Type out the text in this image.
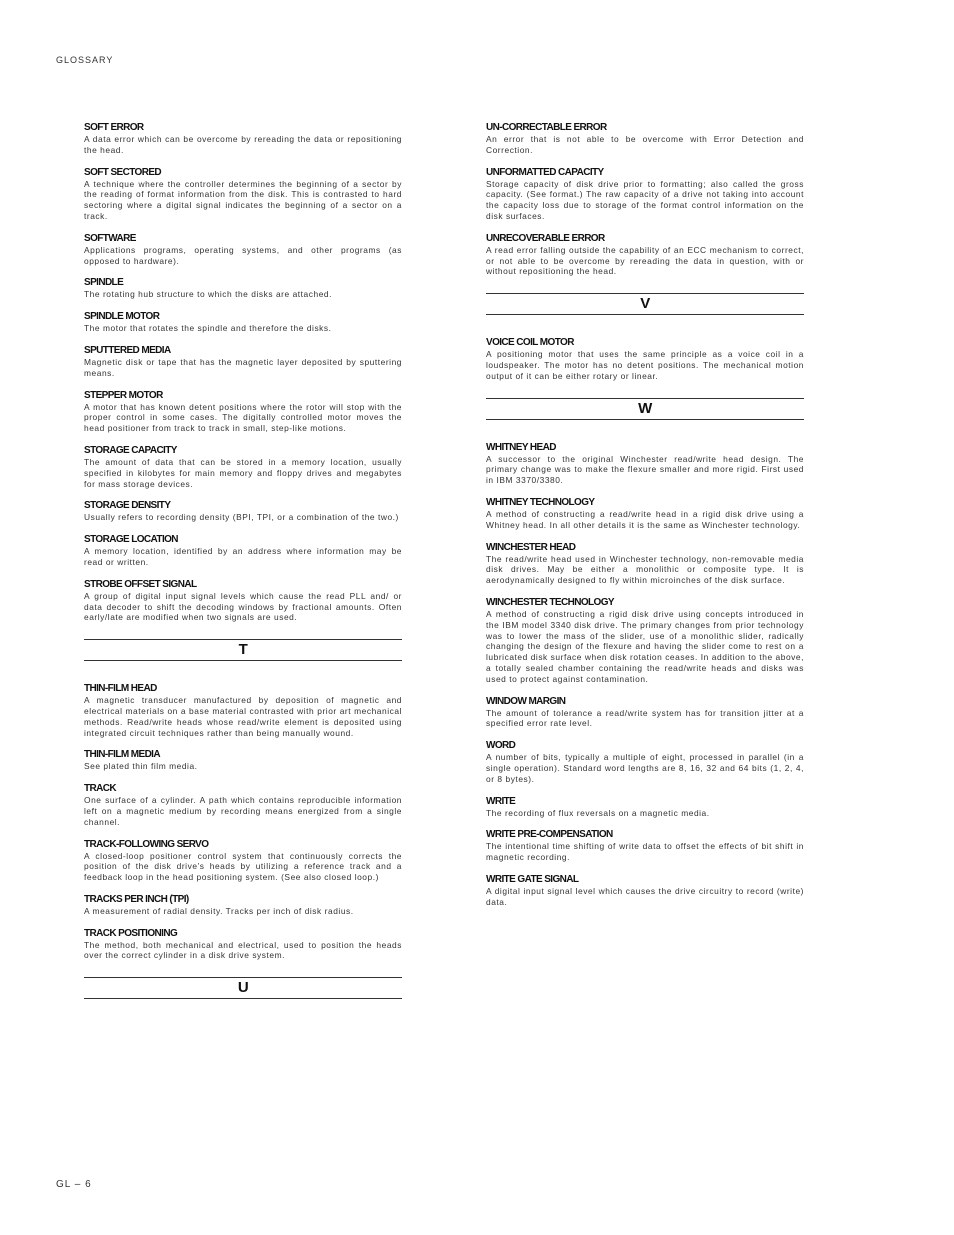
GLOSSARY
SOFT ERROR
A data error which can be overcome by rereading the data or repositioning the head.
SOFT SECTORED
A technique where the controller determines the beginning of a sector by the reading of format information from the disk. This is contrasted to hard sectoring where a digital signal indicates the beginning of a sector on a track.
SOFTWARE
Applications programs, operating systems, and other programs (as opposed to hardware).
SPINDLE
The rotating hub structure to which the disks are attached.
SPINDLE MOTOR
The motor that rotates the spindle and therefore the disks.
SPUTTERED MEDIA
Magnetic disk or tape that has the magnetic layer deposited by sputtering means.
STEPPER MOTOR
A motor that has known detent positions where the rotor will stop with the proper control in some cases. The digitally controlled motor moves the head positioner from track to track in small, step-like motions.
STORAGE CAPACITY
The amount of data that can be stored in a memory location, usually specified in kilobytes for main memory and floppy drives and megabytes for mass storage devices.
STORAGE DENSITY
Usually refers to recording density (BPI, TPI, or a combination of the two.)
STORAGE LOCATION
A memory location, identified by an address where information may be read or written.
STROBE OFFSET SIGNAL
A group of digital input signal levels which cause the read PLL and/ or data decoder to shift the decoding windows by fractional amounts. Often early/late are modified when two signals are used.
T
THIN-FILM HEAD
A magnetic transducer manufactured by deposition of magnetic and electrical materials on a base material contrasted with prior art mechanical methods. Read/write heads whose read/write element is deposited using integrated circuit techniques rather than being manually wound.
THIN-FILM MEDIA
See plated thin film media.
TRACK
One surface of a cylinder. A path which contains reproducible information left on a magnetic medium by recording means energized from a single channel.
TRACK-FOLLOWING SERVO
A closed-loop positioner control system that continuously corrects the position of the disk drive’s heads by utilizing a reference track and a feedback loop in the head positioning system. (See also closed loop.)
TRACKS PER INCH (TPI)
A measurement of radial density. Tracks per inch of disk radius.
TRACK POSITIONING
The method, both mechanical and electrical, used to position the heads over the correct cylinder in a disk drive system.
U
UN-CORRECTABLE ERROR
An error that is not able to be overcome with Error Detection and Correction.
UNFORMATTED CAPACITY
Storage capacity of disk drive prior to formatting; also called the gross capacity. (See format.) The raw capacity of a drive not taking into account the capacity loss due to storage of the format control information on the disk surfaces.
UNRECOVERABLE ERROR
A read error falling outside the capability of an ECC mechanism to correct, or not able to be overcome by rereading the data in question, with or without repositioning the head.
V
VOICE COIL MOTOR
A positioning motor that uses the same principle as a voice coil in a loudspeaker. The motor has no detent positions. The mechanical motion output of it can be either rotary or linear.
W
WHITNEY HEAD
A successor to the original Winchester read/write head design. The primary change was to make the flexure smaller and more rigid. First used in IBM 3370/3380.
WHITNEY TECHNOLOGY
A method of constructing a read/write head in a rigid disk drive using a Whitney head. In all other details it is the same as Winchester technology.
WINCHESTER HEAD
The read/write head used in Winchester technology, non-removable media disk drives. May be either a monolithic or composite type. It is aerodynamically designed to fly within microinches of the disk surface.
WINCHESTER TECHNOLOGY
A method of constructing a rigid disk drive using concepts introduced in the IBM model 3340 disk drive. The primary changes from prior technology was to lower the mass of the slider, use of a monolithic slider, radically changing the design of the flexure and having the slider come to rest on a lubricated disk surface when disk rotation ceases. In addition to the above, a totally sealed chamber containing the read/write heads and disks was used to protect against contamination.
WINDOW MARGIN
The amount of tolerance a read/write system has for transition jitter at a specified error rate level.
WORD
A number of bits, typically a multiple of eight, processed in parallel (in a single operation). Standard word lengths are 8, 16, 32 and 64 bits (1, 2, 4, or 8 bytes).
WRITE
The recording of flux reversals on a magnetic media.
WRITE PRE-COMPENSATION
The intentional time shifting of write data to offset the effects of bit shift in magnetic recording.
WRITE GATE SIGNAL
A digital input signal level which causes the drive circuitry to record (write) data.
GL – 6
